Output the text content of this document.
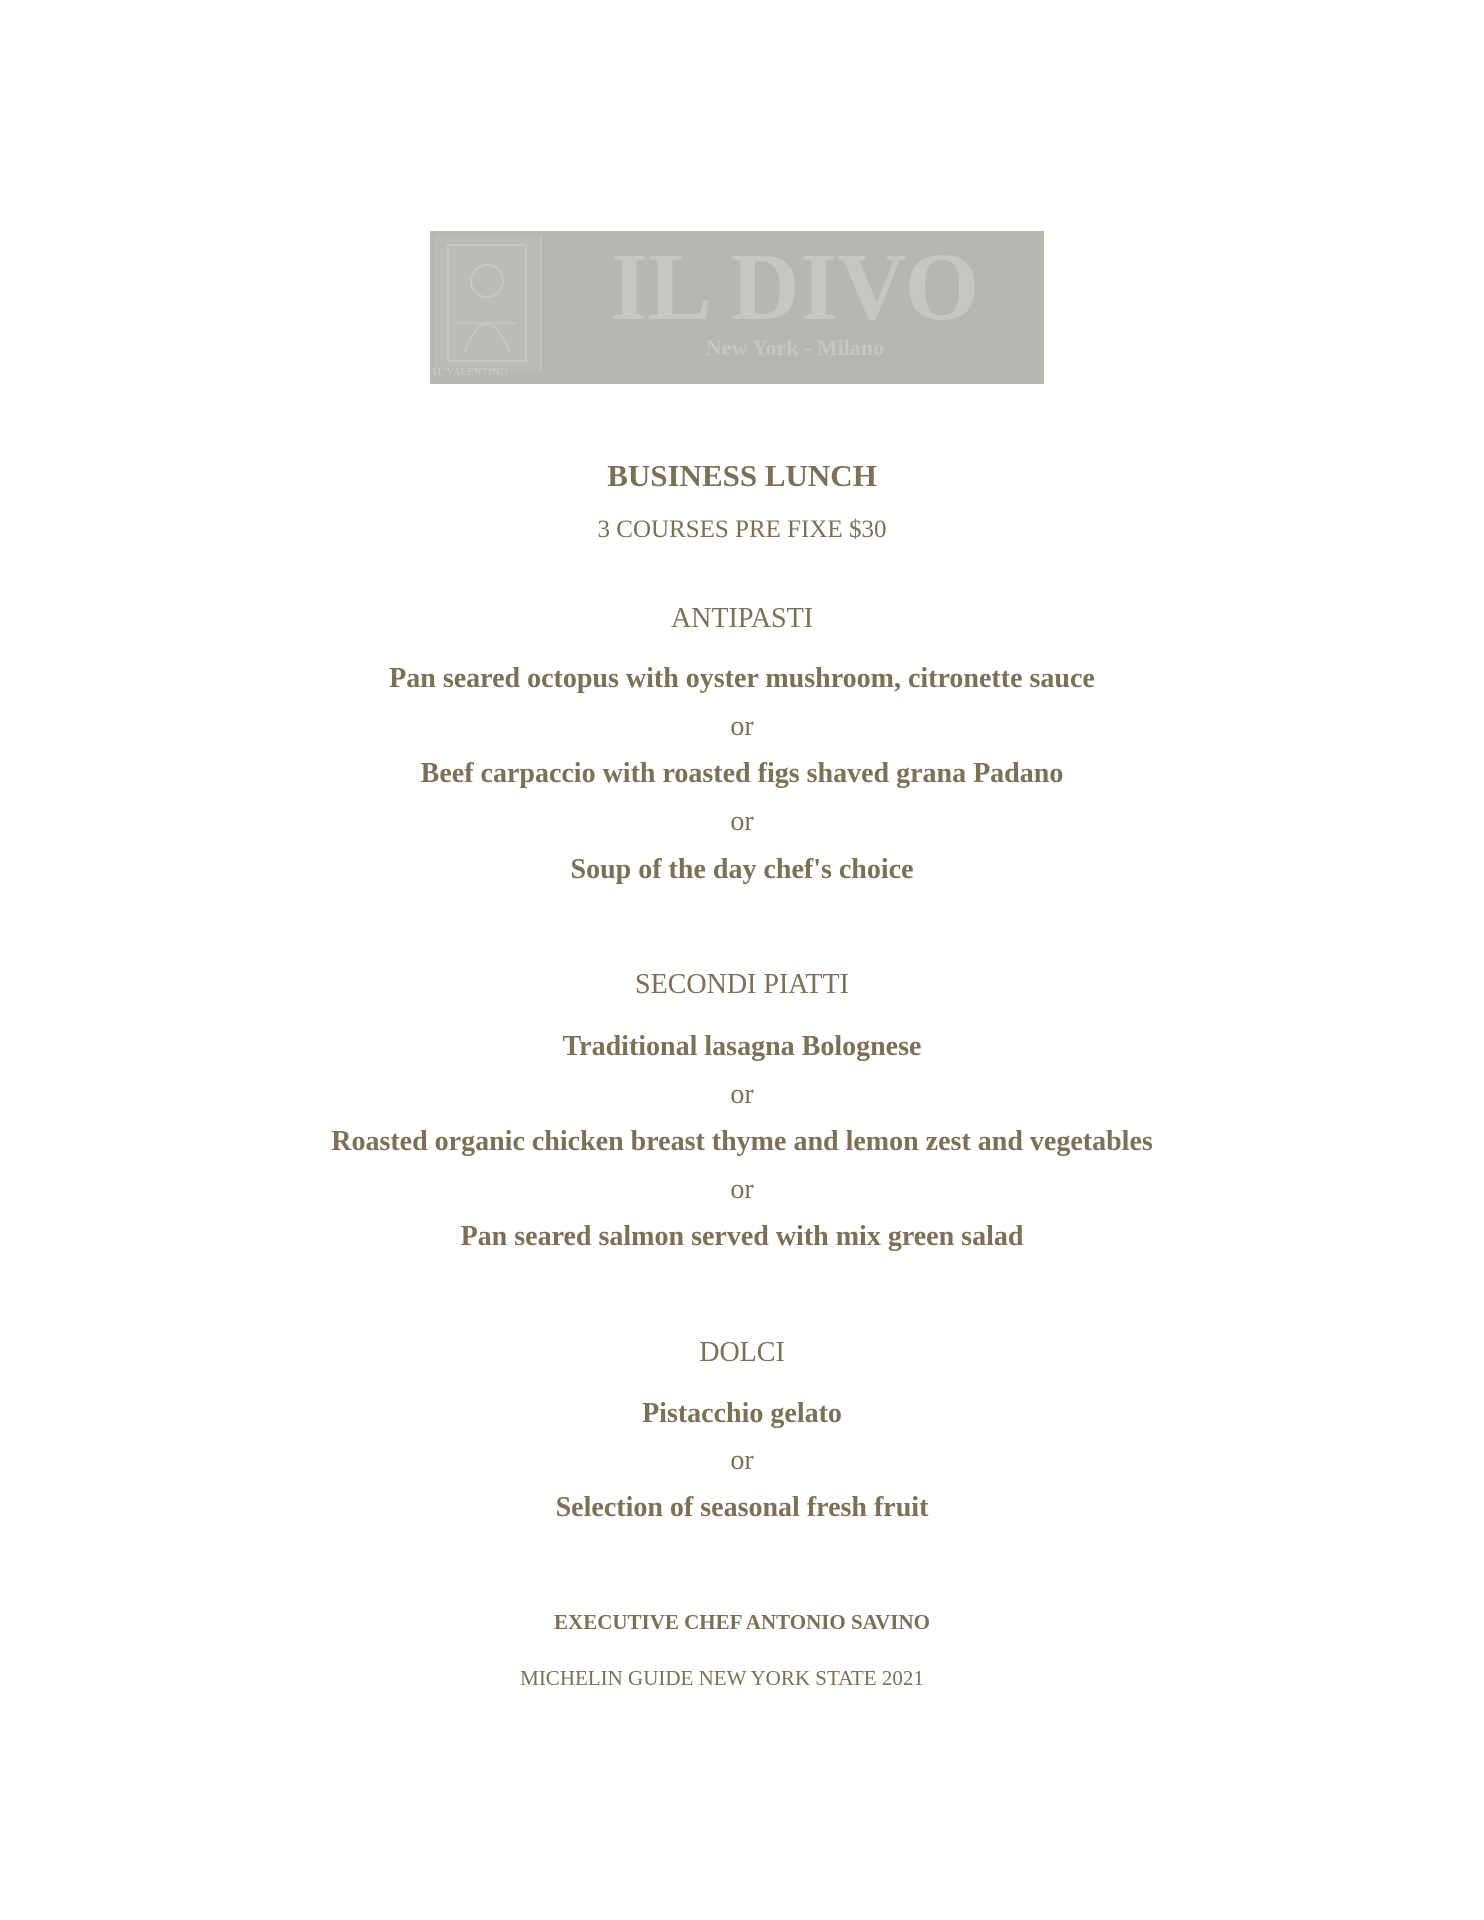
AL VALENTINO
IL DIVO
New York - Milano
BUSINESS LUNCH
3 COURSES PRE FIXE $30
ANTIPASTI
Pan seared octopus with oyster mushroom, citronette sauce
or
Beef carpaccio with roasted figs shaved grana Padano
or
Soup of the day chef's choice
SECONDI PIATTI
Traditional lasagna Bolognese
or
Roasted organic chicken breast thyme and lemon zest and vegetables
or
Pan seared salmon served with mix green salad
DOLCI
Pistacchio gelato
or
Selection of seasonal fresh fruit
EXECUTIVE CHEF ANTONIO SAVINO
MICHELIN GUIDE NEW YORK STATE 2021
